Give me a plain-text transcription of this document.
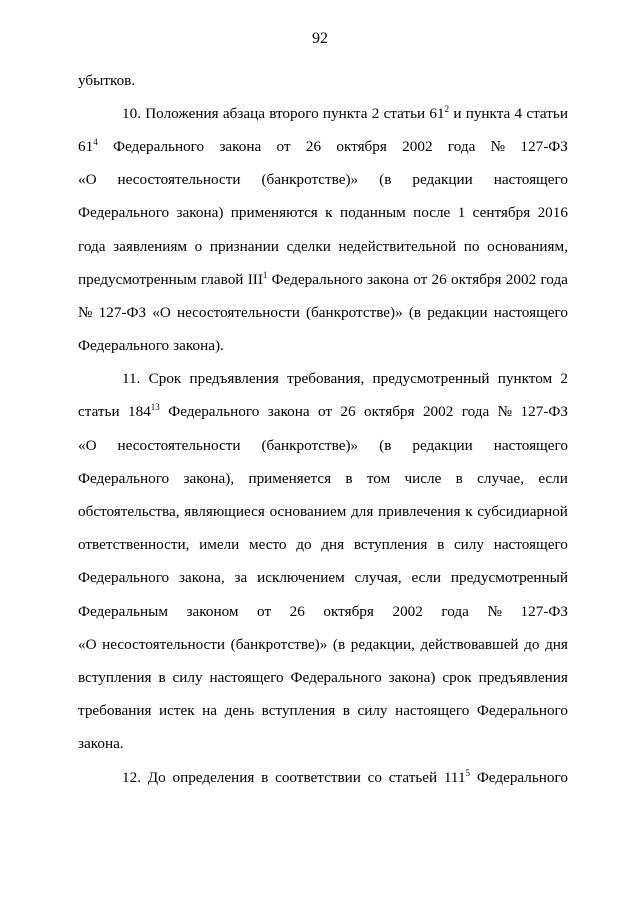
92
убытков.
10. Положения абзаца второго пункта 2 статьи $61^2$ и пункта 4 статьи
$61^4$ Федерального закона от 26 октября 2002 года № 127-ФЗ
«О несостоятельности (банкротстве)» (в редакции настоящего
Федерального закона) применяются к поданным после 1 сентября 2016
года заявлениям о признании сделки недействительной по основаниям,
предусмотренным главой III$^1$ Федерального закона от 26 октября 2002 года
№ 127-ФЗ «О несостоятельности (банкротстве)» (в редакции настоящего
Федерального закона).
11. Срок предъявления требования, предусмотренный пунктом 2
статьи $184^{13}$ Федерального закона от 26 октября 2002 года № 127-ФЗ
«О несостоятельности (банкротстве)» (в редакции настоящего
Федерального закона), применяется в том числе в случае, если
обстоятельства, являющиеся основанием для привлечения к субсидиарной
ответственности, имели место до дня вступления в силу настоящего
Федерального закона, за исключением случая, если предусмотренный
Федеральным законом от 26 октября 2002 года № 127-ФЗ
«О несостоятельности (банкротстве)» (в редакции, действовавшей до дня
вступления в силу настоящего Федерального закона) срок предъявления
требования истек на день вступления в силу настоящего Федерального
закона.
12. До определения в соответствии со статьей $111^5$ Федерального
